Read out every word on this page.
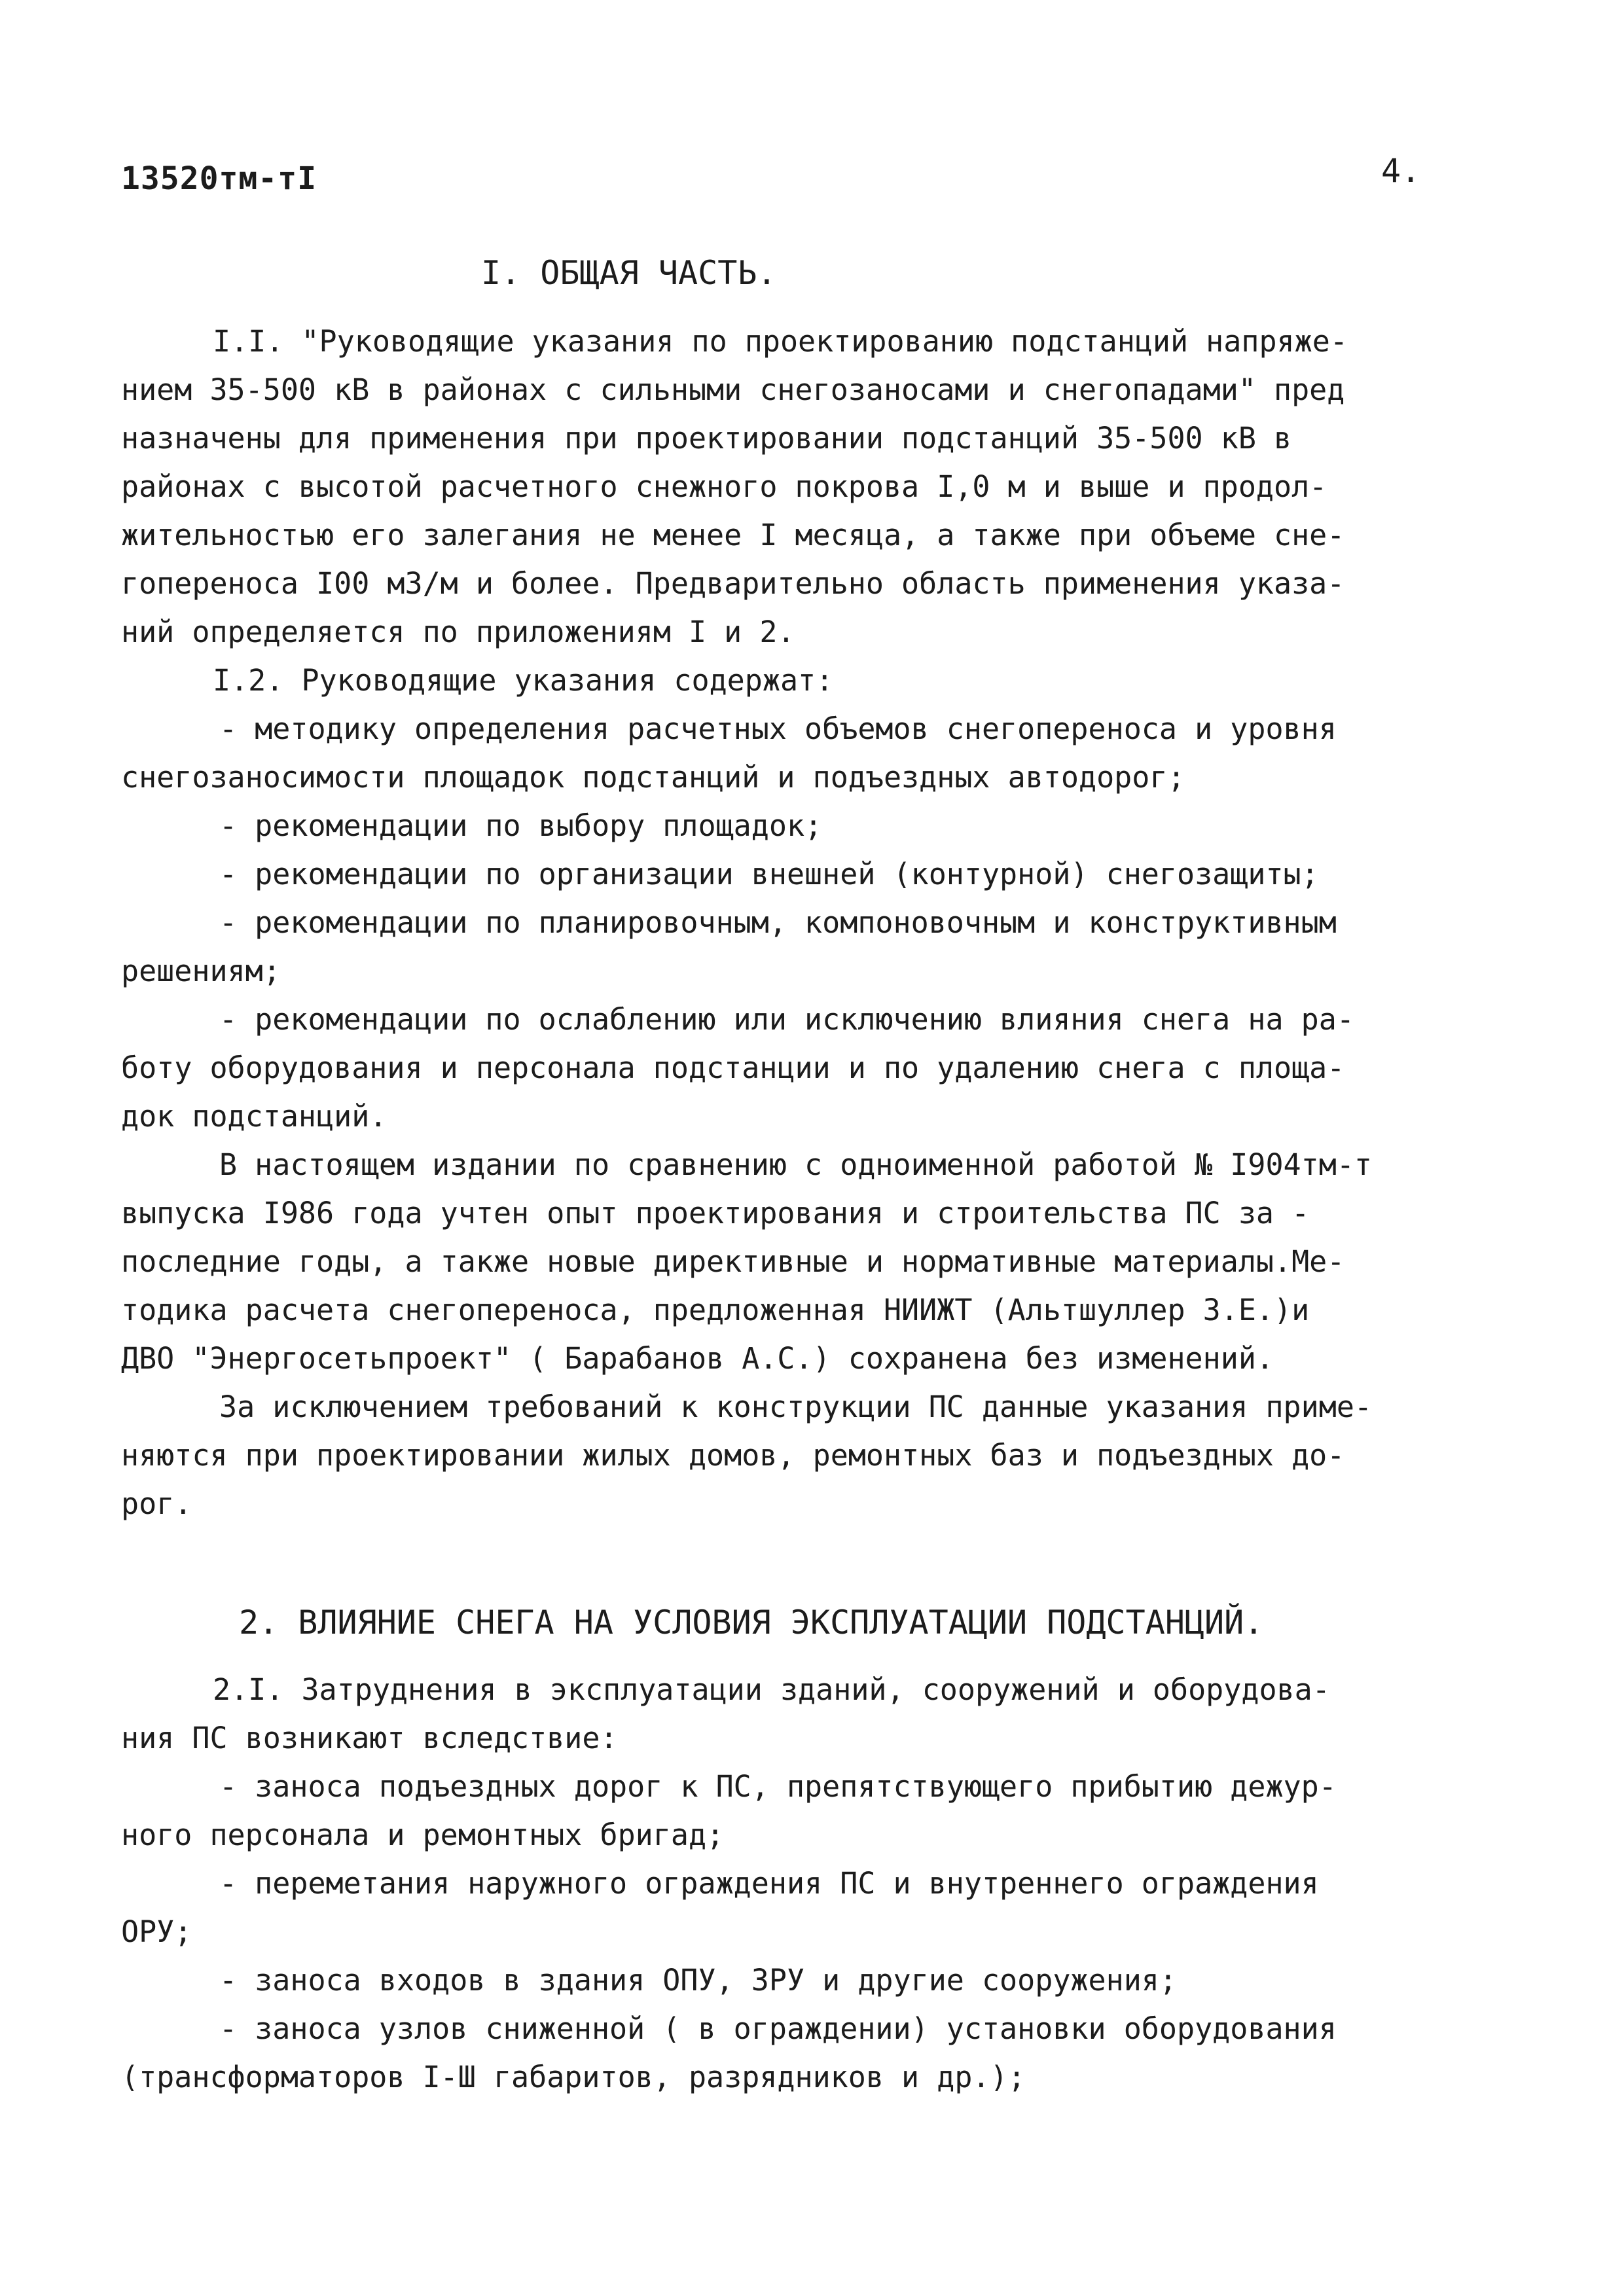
13520тм-тI	4.
I. ОБЩАЯ ЧАСТЬ.
I.I. "Руководящие указания по проектированию подстанций напряже-
нием 35-500 кВ в районах с сильными снегозаносами и снегопадами" пред
назначены для применения при проектировании подстанций 35-500 кВ в
районах с высотой расчетного снежного покрова I,0 м и выше и продол-
жительностью его залегания не менее I месяца, а также при объеме сне-
гопереноса I00 м3/м и более. Предварительно область применения указа-
ний определяется по приложениям I и 2.
I.2. Руководящие указания содержат:
- методику определения расчетных объемов снегопереноса и уровня
снегозаносимости площадок подстанций и подъездных автодорог;
- рекомендации по выбору площадок;
- рекомендации по организации внешней (контурной) снегозащиты;
- рекомендации по планировочным, компоновочным и конструктивным
решениям;
- рекомендации по ослаблению или исключению влияния снега на ра-
боту оборудования и персонала подстанции и по удалению снега с площа-
док подстанций.
В настоящем издании по сравнению с одноименной работой № I904тм-т
выпуска I986 года учтен опыт проектирования и строительства ПС за -
последние годы, а также новые директивные и нормативные материалы.Ме-
тодика расчета снегопереноса, предложенная НИИЖТ (Альтшуллер З.Е.)и
ДВО "Энергосетьпроект" ( Барабанов А.С.) сохранена без изменений.
За исключением требований к конструкции ПС данные указания приме-
няются при проектировании жилых домов, ремонтных баз и подъездных до-
рог.
2. ВЛИЯНИЕ СНЕГА НА УСЛОВИЯ ЭКСПЛУАТАЦИИ ПОДСТАНЦИЙ.
2.I. Затруднения в эксплуатации зданий, сооружений и оборудова-
ния ПС возникают вследствие:
- заноса подъездных дорог к ПС, препятствующего прибытию дежур-
ного персонала и ремонтных бригад;
- переметания наружного ограждения ПС и внутреннего ограждения
ОРУ;
- заноса входов в здания ОПУ, ЗРУ и другие сооружения;
- заноса узлов сниженной ( в ограждении) установки оборудования
(трансформаторов I-Ш габаритов, разрядников и др.);
